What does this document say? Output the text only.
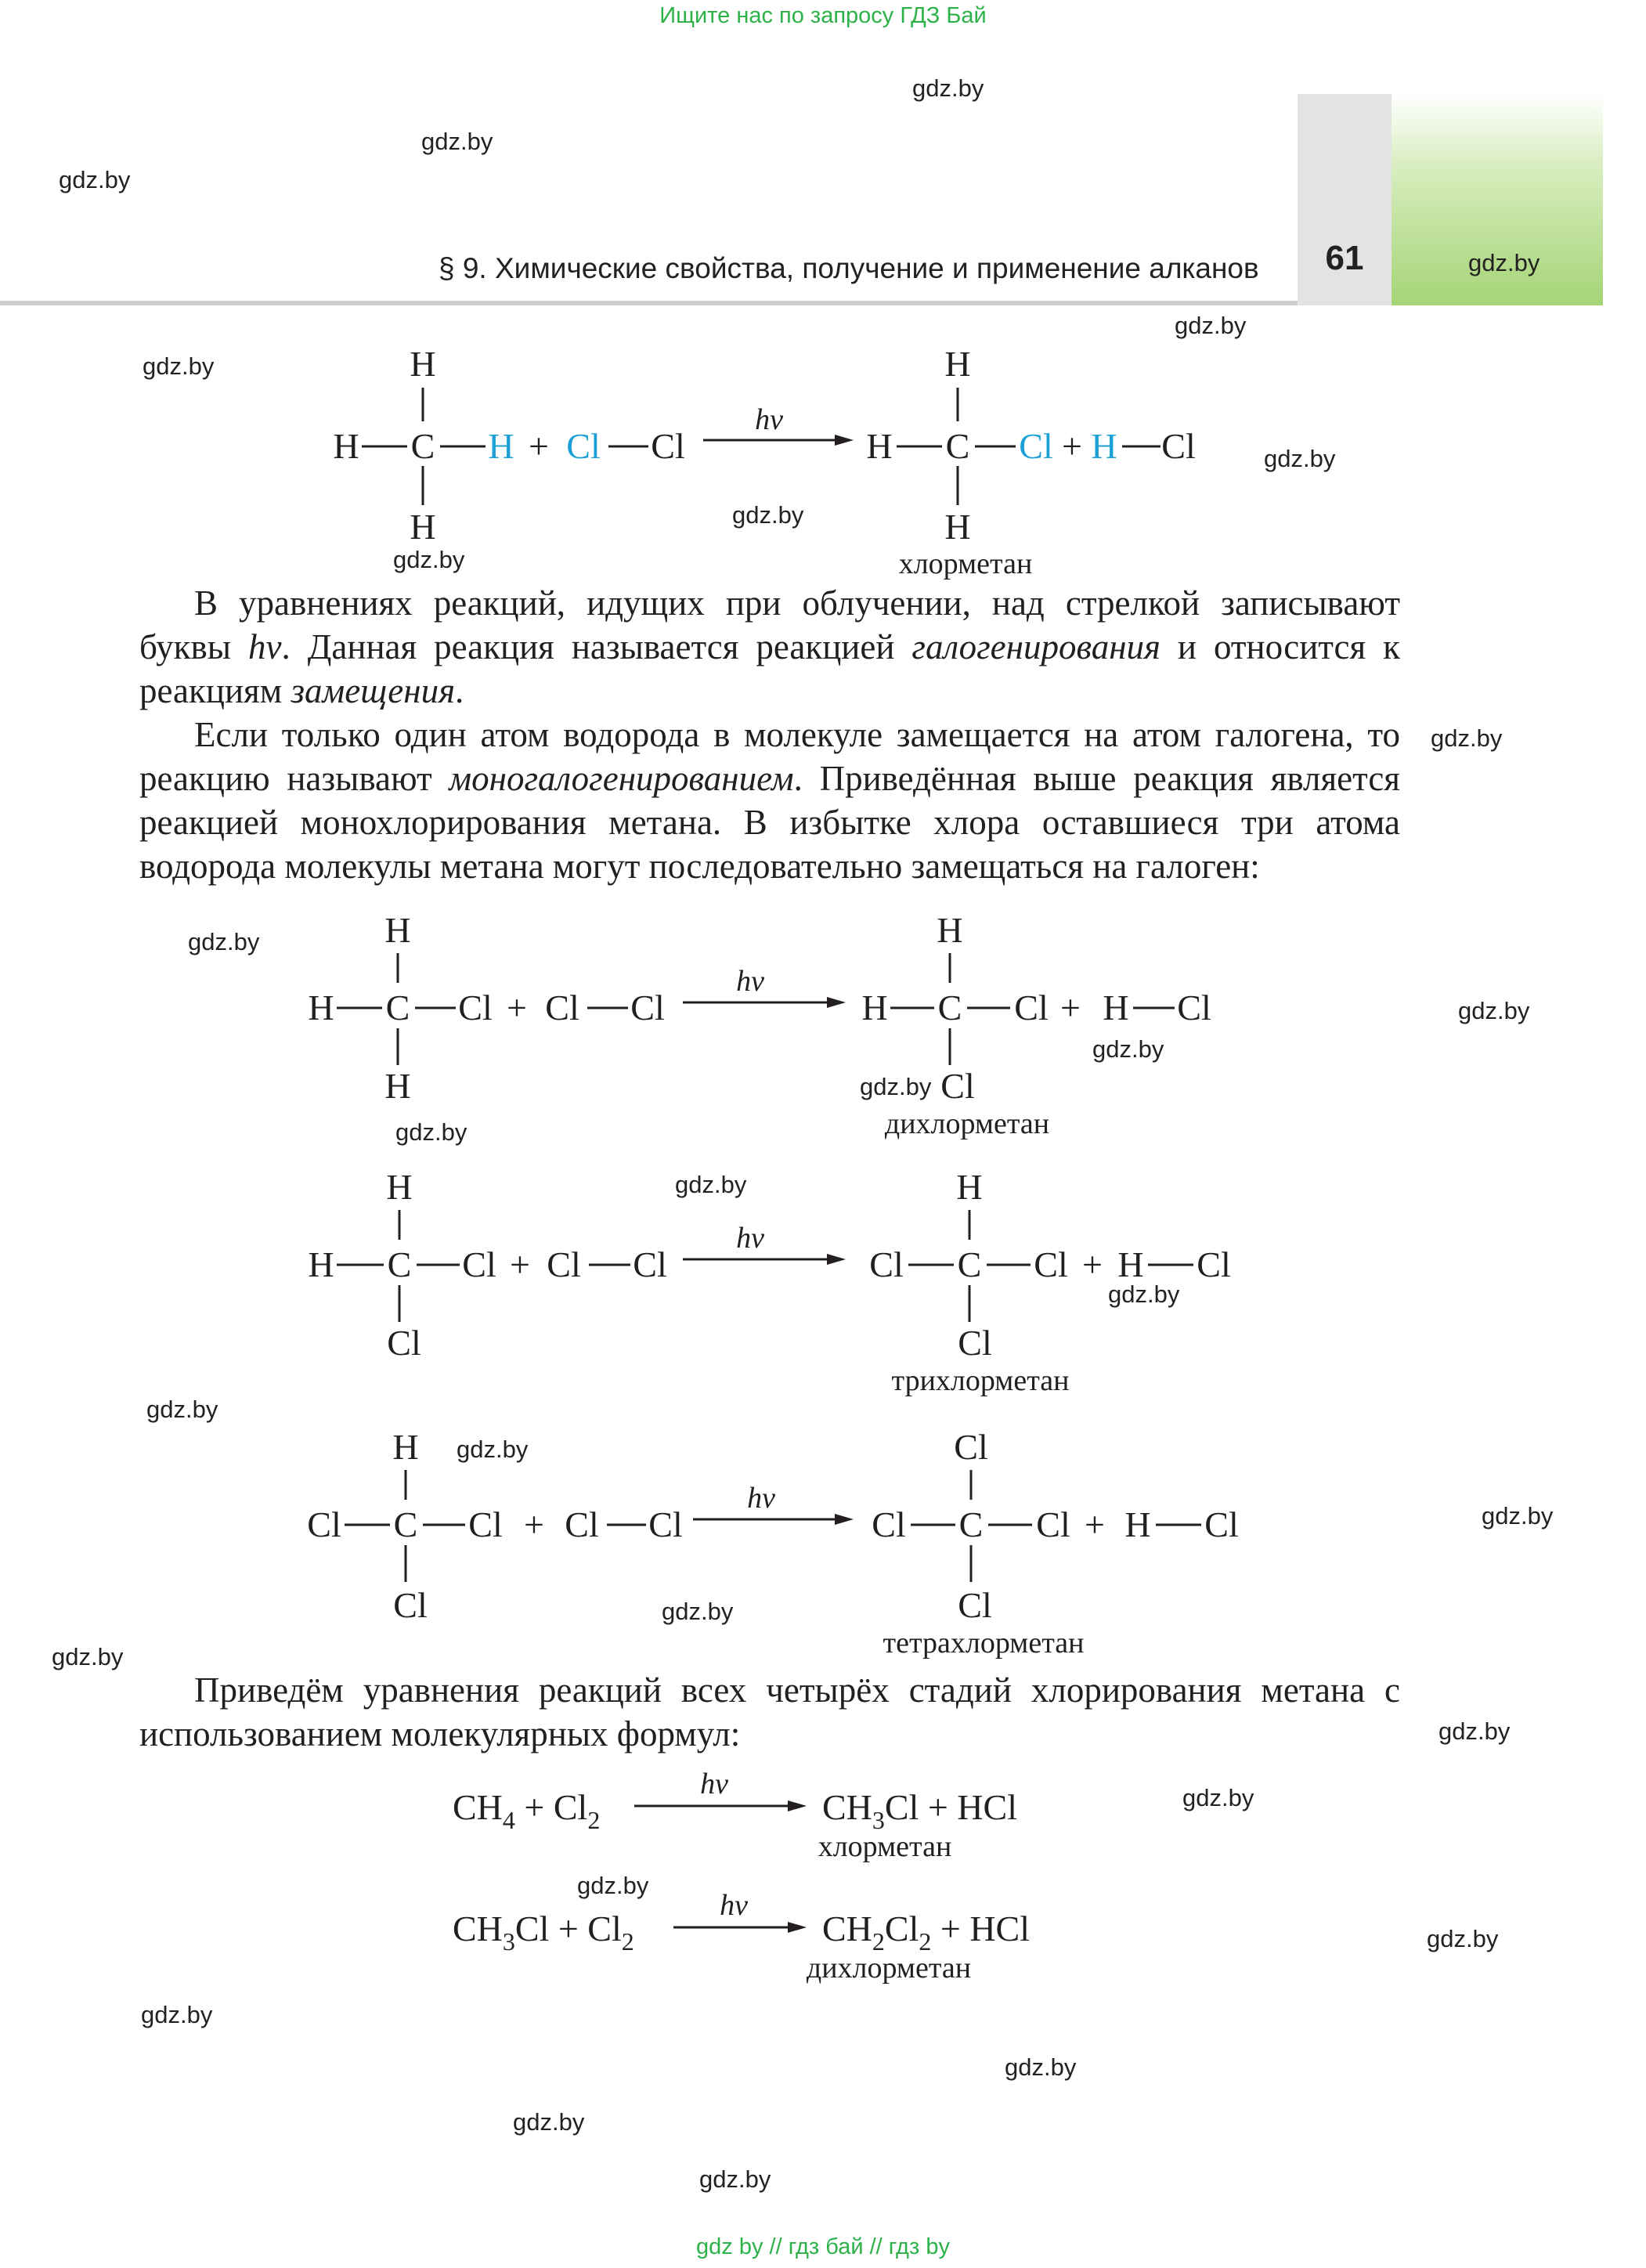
Ищите нас по запросу ГДЗ Бай
§ 9. Химические свойства, получение и применение алканов	61
gdz.by
gdz.by
gdz.by
gdz.by
gdz.by
gdz.by
gdz.by
gdz.by
gdz.by
gdz.by
gdz.by
gdz.by
gdz.by
gdz.by
gdz.by
gdz.by
gdz.by
gdz.by
gdz.by
gdz.by
gdz.by
gdz.by
gdz.by
gdz.by
gdz.by
gdz.by
gdz.by
gdz.by
gdz.by
gdz.by
H
H C H
H
+ Cl Cl
H
H C Cl + H Cl
H
хлорметан
hν

В уравнениях реакций, идущих при облучении, над стрелкой записывают буквы hν. Данная реакция называется реакцией галогенирования и относится к реакциям замещения.

Если только один атом водорода в молекуле замещается на атом галогена, то реакцию называют моногалогенированием. Приведённая выше реакция является реакцией монохлорирования метана. В избытке хлора оставшиеся три атома водорода молекулы метана могут последовательно замещаться на галоген:

H
H C Cl
H
+ Cl Cl
H
H C Cl + H Cl
Cl
дихлорметан
hν
H
H C Cl
Cl
+ Cl Cl
H
Cl C Cl + H Cl
Cl
трихлорметан
hν
H
Cl C Cl
Cl
+ Cl Cl
Cl
Cl C Cl + H Cl
Cl
тетрахлорметан
hν

Приведём уравнения реакций всех четырёх стадий хлорирования метана с использованием молекулярных формул:

$CH_4 + Cl_2$	$CH_3Cl$ + HCl
хлорметан
hν
$CH_3Cl + Cl_2$	$CH_2Cl_2$ + HCl
дихлорметан
hν
gdz by // гдз бай // гдз by
